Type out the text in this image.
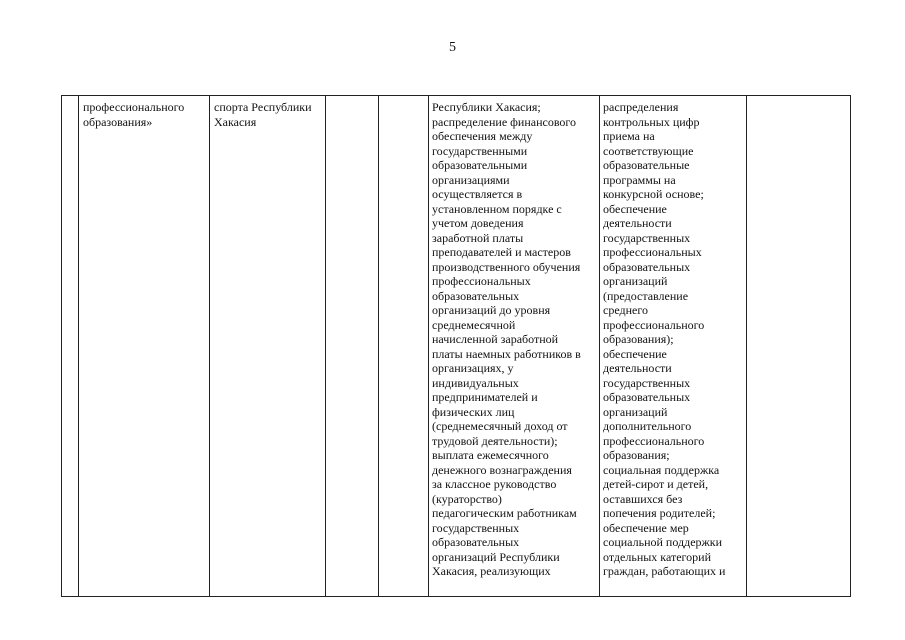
5
профессионального
образования»
спорта Республики
Хакасия
Республики Хакасия;
распределение финансового
обеспечения между
государственными
образовательными
организациями
осуществляется в
установленном порядке с
учетом доведения
заработной платы
преподавателей и мастеров
производственного обучения
профессиональных
образовательных
организаций до уровня
среднемесячной
начисленной заработной
платы наемных работников в
организациях, у
индивидуальных
предпринимателей и
физических лиц
(среднемесячный доход от
трудовой деятельности);
выплата ежемесячного
денежного вознаграждения
за классное руководство
(кураторство)
педагогическим работникам
государственных
образовательных
организаций Республики
Хакасия, реализующих
распределения
контрольных цифр
приема на
соответствующие
образовательные
программы на
конкурсной основе;
обеспечение
деятельности
государственных
профессиональных
образовательных
организаций
(предоставление
среднего
профессионального
образования);
обеспечение
деятельности
государственных
образовательных
организаций
дополнительного
профессионального
образования;
социальная поддержка
детей-сирот и детей,
оставшихся без
попечения родителей;
обеспечение мер
социальной поддержки
отдельных категорий
граждан, работающих и
